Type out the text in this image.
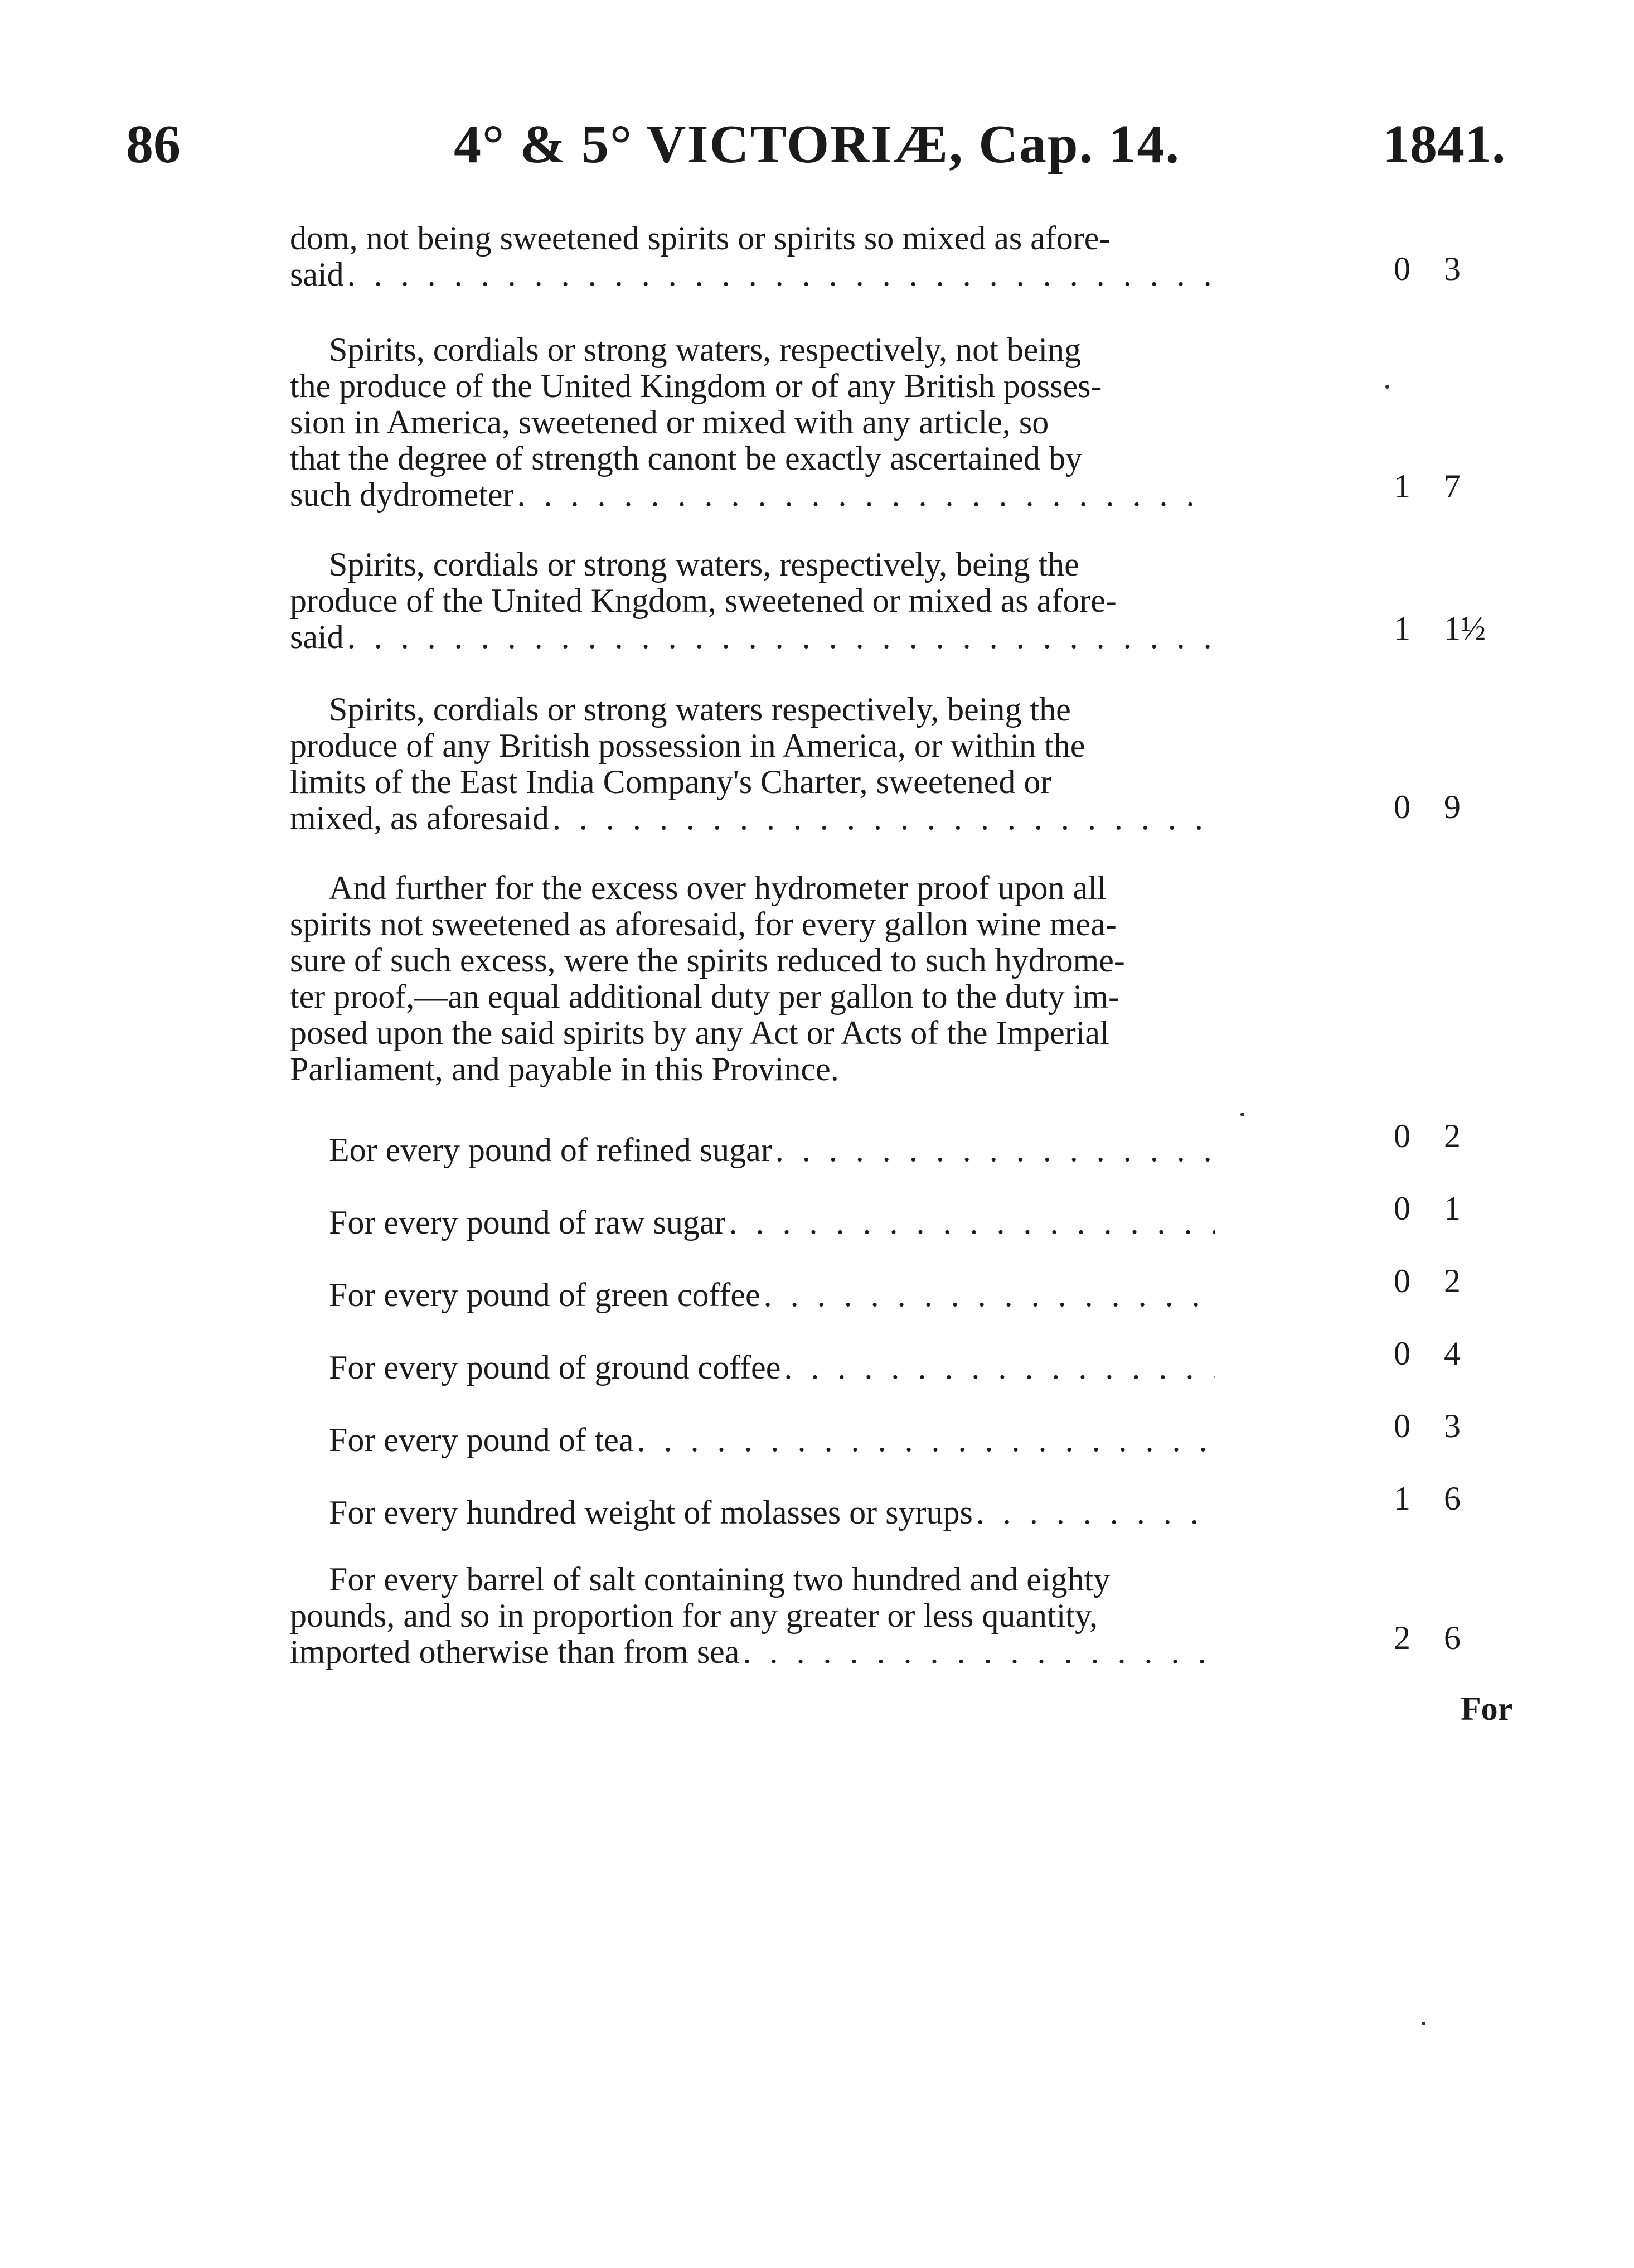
86	4° & 5° VICTORIÆ, Cap. 14.	1841.

dom, not being sweetened spirits or spirits so mixed as afore-

said . . .	0 3

Spirits, cordials or strong waters, respectively, not being

the produce of the United Kingdom or of any British posses-

sion in America, sweetened or mixed with any article, so

that the degree of strength canont be exactly ascertained by

such dydrometer . . .	1 7

Spirits, cordials or strong waters, respectively, being the

produce of the United Kngdom, sweetened or mixed as afore-

said . . .	1 1½

Spirits, cordials or strong waters respectively, being the

produce of any British possession in America, or within the

limits of the East India Company's Charter, sweetened or

mixed, as aforesaid . . .	0 9

And further for the excess over hydrometer proof upon all

spirits not sweetened as aforesaid, for every gallon wine mea-

sure of such excess, were the spirits reduced to such hydrome-

ter proof,—an equal additional duty per gallon to the duty im-

posed upon the said spirits by any Act or Acts of the Imperial

Parliament, and payable in this Province.

Eor every pound of refined sugar . . .	0 2
For every pound of raw sugar . . .	0 1
For every pound of green coffee . . .	0 2
For every pound of ground coffee . . .	0 4
For every pound of tea . . .	0 3
For every hundred weight of molasses or syrups . . .	1 6

For every barrel of salt containing two hundred and eighty

pounds, and so in proportion for any greater or less quantity,

imported otherwise than from sea . . .	2 6
For
